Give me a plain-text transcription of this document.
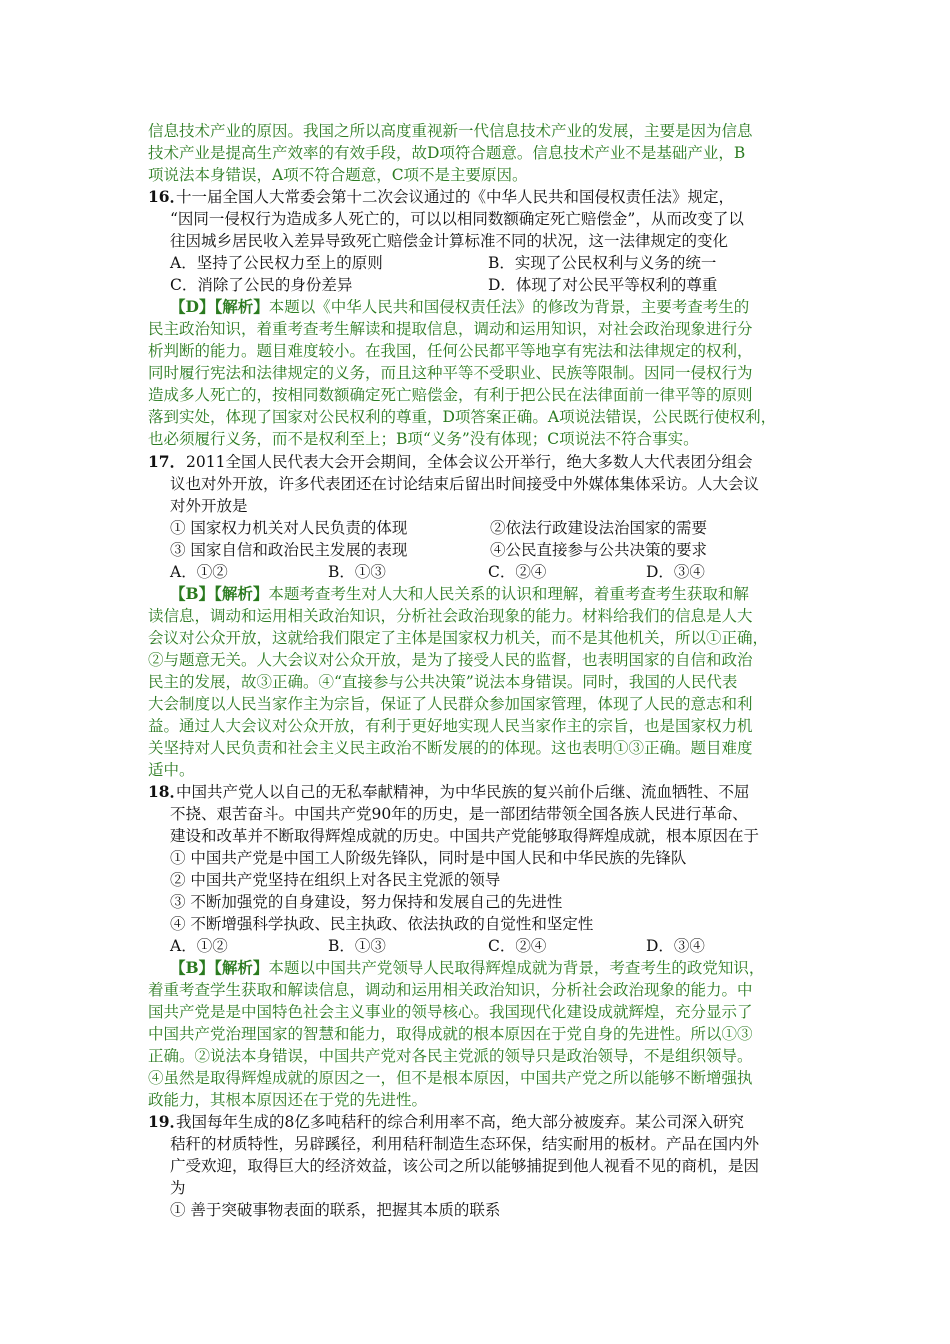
信息技术产业的原因。我国之所以高度重视新一代信息技术产业的发展，主要是因为信息
技术产业是提高生产效率的有效手段，故D项符合题意。信息技术产业不是基础产业，B
项说法本身错误，A项不符合题意，C项不是主要原因。
16．
十一届全国人大常委会第十二次会议通过的《中华人民共和国侵权责任法》规定，
“因同一侵权行为造成多人死亡的，可以以相同数额确定死亡赔偿金”，从而改变了以
往因城乡居民收入差异导致死亡赔偿金计算标准不同的状况，这一法律规定的变化
A．坚持了公民权力至上的原则	B．实现了公民权利与义务的统一
C．消除了公民的身份差异	D．体现了对公民平等权利的尊重
【D】【解析】本题以《中华人民共和国侵权责任法》的修改为背景，主要考查考生的
民主政治知识，着重考查考生解读和提取信息，调动和运用知识，对社会政治现象进行分
析判断的能力。题目难度较小。在我国，任何公民都平等地享有宪法和法律规定的权利，
同时履行宪法和法律规定的义务，而且这种平等不受职业、民族等限制。因同一侵权行为
造成多人死亡的，按相同数额确定死亡赔偿金，有利于把公民在法律面前一律平等的原则
落到实处，体现了国家对公民权利的尊重，D项答案正确。A项说法错误，公民既行使权利，
也必须履行义务，而不是权利至上；B项“义务”没有体现；C项说法不符合事实。
17． 2011全国人民代表大会开会期间，全体会议公开举行，绝大多数人大代表团分组会
议也对外开放，许多代表团还在讨论结束后留出时间接受中外媒体集体采访。人大会议
对外开放是
① 国家权力机关对人民负责的体现	②依法行政建设法治国家的需要
③ 国家自信和政治民主发展的表现	④公民直接参与公共决策的要求
A．①②	B．①③	C．②④	D．③④
【B】【解析】本题考查考生对人大和人民关系的认识和理解，着重考查考生获取和解
读信息，调动和运用相关政治知识，分析社会政治现象的能力。材料给我们的信息是人大
会议对公众开放，这就给我们限定了主体是国家权力机关，而不是其他机关，所以①正确，
②与题意无关。人大会议对公众开放，是为了接受人民的监督，也表明国家的自信和政治
民主的发展，故③正确。④“直接参与公共决策”说法本身错误。同时，我国的人民代表
大会制度以人民当家作主为宗旨，保证了人民群众参加国家管理，体现了人民的意志和利
益。通过人大会议对公众开放，有利于更好地实现人民当家作主的宗旨，也是国家权力机
关坚持对人民负责和社会主义民主政治不断发展的的体现。这也表明①③正确。题目难度
适中。
18．
中国共产党人以自己的无私奉献精神，为中华民族的复兴前仆后继、流血牺牲、不屈
不挠、艰苦奋斗。中国共产党90年的历史，是一部团结带领全国各族人民进行革命、
建设和改革并不断取得辉煌成就的历史。中国共产党能够取得辉煌成就，根本原因在于
① 中国共产党是中国工人阶级先锋队，同时是中国人民和中华民族的先锋队
② 中国共产党坚持在组织上对各民主党派的领导
③ 不断加强党的自身建设，努力保持和发展自己的先进性
④ 不断增强科学执政、民主执政、依法执政的自觉性和坚定性
A．①②	B．①③	C．②④	D．③④
【B】【解析】本题以中国共产党领导人民取得辉煌成就为背景，考查考生的政党知识，
着重考查学生获取和解读信息，调动和运用相关政治知识，分析社会政治现象的能力。中
国共产党是是中国特色社会主义事业的领导核心。我国现代化建设成就辉煌，充分显示了
中国共产党治理国家的智慧和能力，取得成就的根本原因在于党自身的先进性。所以①③
正确。②说法本身错误，中国共产党对各民主党派的领导只是政治领导，不是组织领导。
④虽然是取得辉煌成就的原因之一，但不是根本原因，中国共产党之所以能够不断增强执
政能力，其根本原因还在于党的先进性。
19．
我国每年生成的8亿多吨秸秆的综合利用率不高，绝大部分被废弃。某公司深入研究
秸秆的材质特性，另辟蹊径，利用秸秆制造生态环保，结实耐用的板材。产品在国内外
广受欢迎，取得巨大的经济效益，该公司之所以能够捕捉到他人视看不见的商机，是因
为
① 善于突破事物表面的联系，把握其本质的联系
